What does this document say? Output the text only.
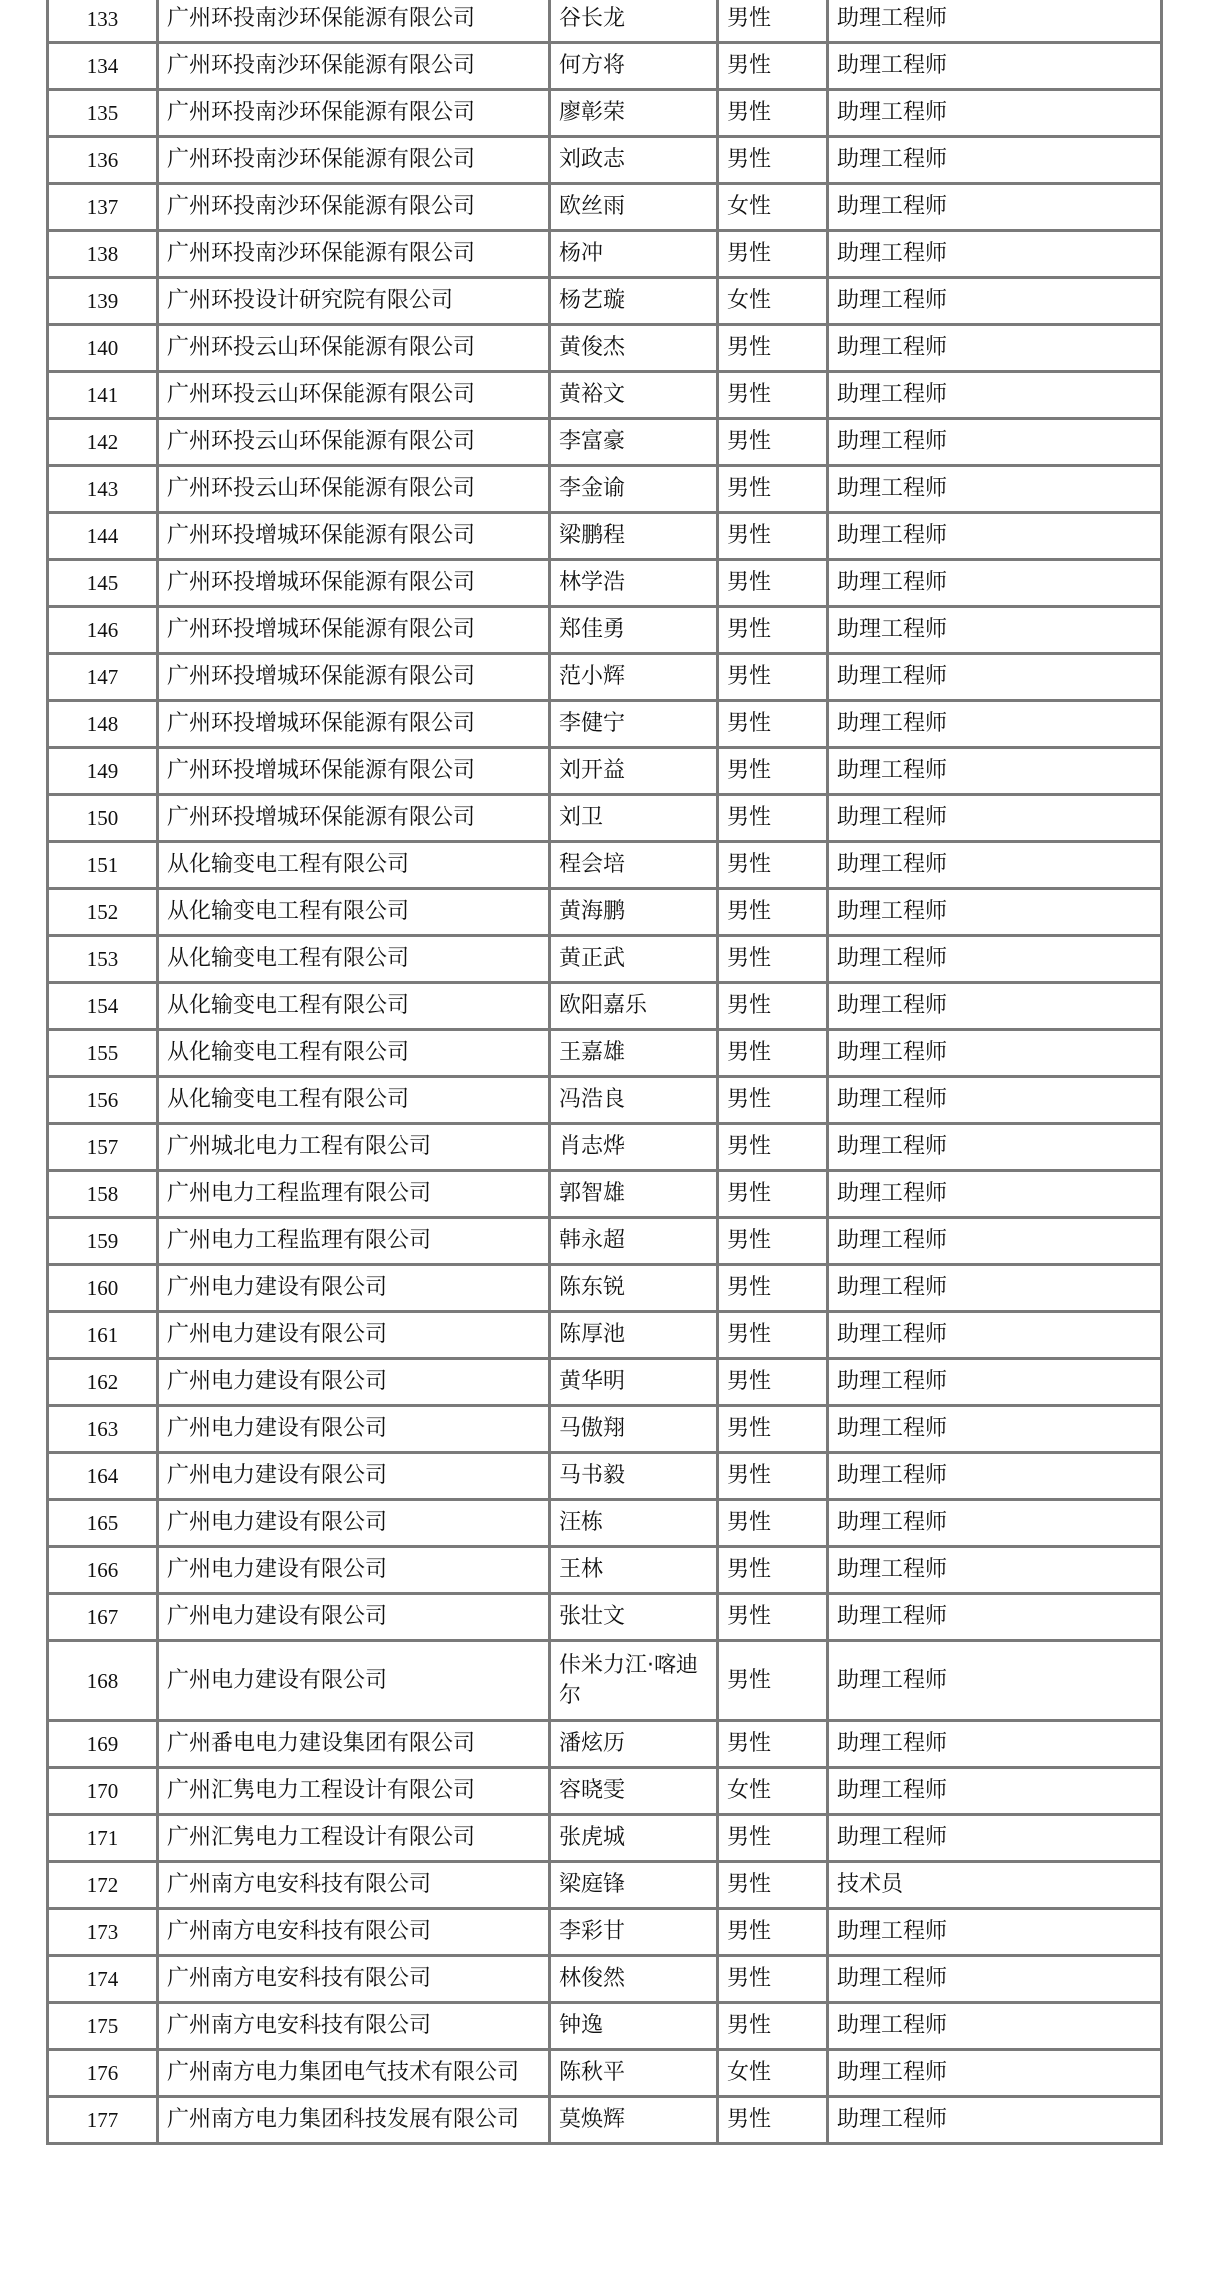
133	广州环投南沙环保能源有限公司	谷长龙	男性	助理工程师
134	广州环投南沙环保能源有限公司	何方将	男性	助理工程师
135	广州环投南沙环保能源有限公司	廖彰荣	男性	助理工程师
136	广州环投南沙环保能源有限公司	刘政志	男性	助理工程师
137	广州环投南沙环保能源有限公司	欧丝雨	女性	助理工程师
138	广州环投南沙环保能源有限公司	杨冲	男性	助理工程师
139	广州环投设计研究院有限公司	杨艺璇	女性	助理工程师
140	广州环投云山环保能源有限公司	黄俊杰	男性	助理工程师
141	广州环投云山环保能源有限公司	黄裕文	男性	助理工程师
142	广州环投云山环保能源有限公司	李富豪	男性	助理工程师
143	广州环投云山环保能源有限公司	李金谕	男性	助理工程师
144	广州环投增城环保能源有限公司	梁鹏程	男性	助理工程师
145	广州环投增城环保能源有限公司	林学浩	男性	助理工程师
146	广州环投增城环保能源有限公司	郑佳勇	男性	助理工程师
147	广州环投增城环保能源有限公司	范小辉	男性	助理工程师
148	广州环投增城环保能源有限公司	李健宁	男性	助理工程师
149	广州环投增城环保能源有限公司	刘开益	男性	助理工程师
150	广州环投增城环保能源有限公司	刘卫	男性	助理工程师
151	从化输变电工程有限公司	程会培	男性	助理工程师
152	从化输变电工程有限公司	黄海鹏	男性	助理工程师
153	从化输变电工程有限公司	黄正武	男性	助理工程师
154	从化输变电工程有限公司	欧阳嘉乐	男性	助理工程师
155	从化输变电工程有限公司	王嘉雄	男性	助理工程师
156	从化输变电工程有限公司	冯浩良	男性	助理工程师
157	广州城北电力工程有限公司	肖志烨	男性	助理工程师
158	广州电力工程监理有限公司	郭智雄	男性	助理工程师
159	广州电力工程监理有限公司	韩永超	男性	助理工程师
160	广州电力建设有限公司	陈东锐	男性	助理工程师
161	广州电力建设有限公司	陈厚池	男性	助理工程师
162	广州电力建设有限公司	黄华明	男性	助理工程师
163	广州电力建设有限公司	马傲翔	男性	助理工程师
164	广州电力建设有限公司	马书毅	男性	助理工程师
165	广州电力建设有限公司	汪栋	男性	助理工程师
166	广州电力建设有限公司	王林	男性	助理工程师
167	广州电力建设有限公司	张壮文	男性	助理工程师
168	广州电力建设有限公司	佧米力江·喀迪尔	男性	助理工程师
169	广州番电电力建设集团有限公司	潘炫历	男性	助理工程师
170	广州汇隽电力工程设计有限公司	容晓雯	女性	助理工程师
171	广州汇隽电力工程设计有限公司	张虎城	男性	助理工程师
172	广州南方电安科技有限公司	梁庭锋	男性	技术员
173	广州南方电安科技有限公司	李彩甘	男性	助理工程师
174	广州南方电安科技有限公司	林俊然	男性	助理工程师
175	广州南方电安科技有限公司	钟逸	男性	助理工程师
176	广州南方电力集团电气技术有限公司	陈秋平	女性	助理工程师
177	广州南方电力集团科技发展有限公司	莫焕辉	男性	助理工程师
